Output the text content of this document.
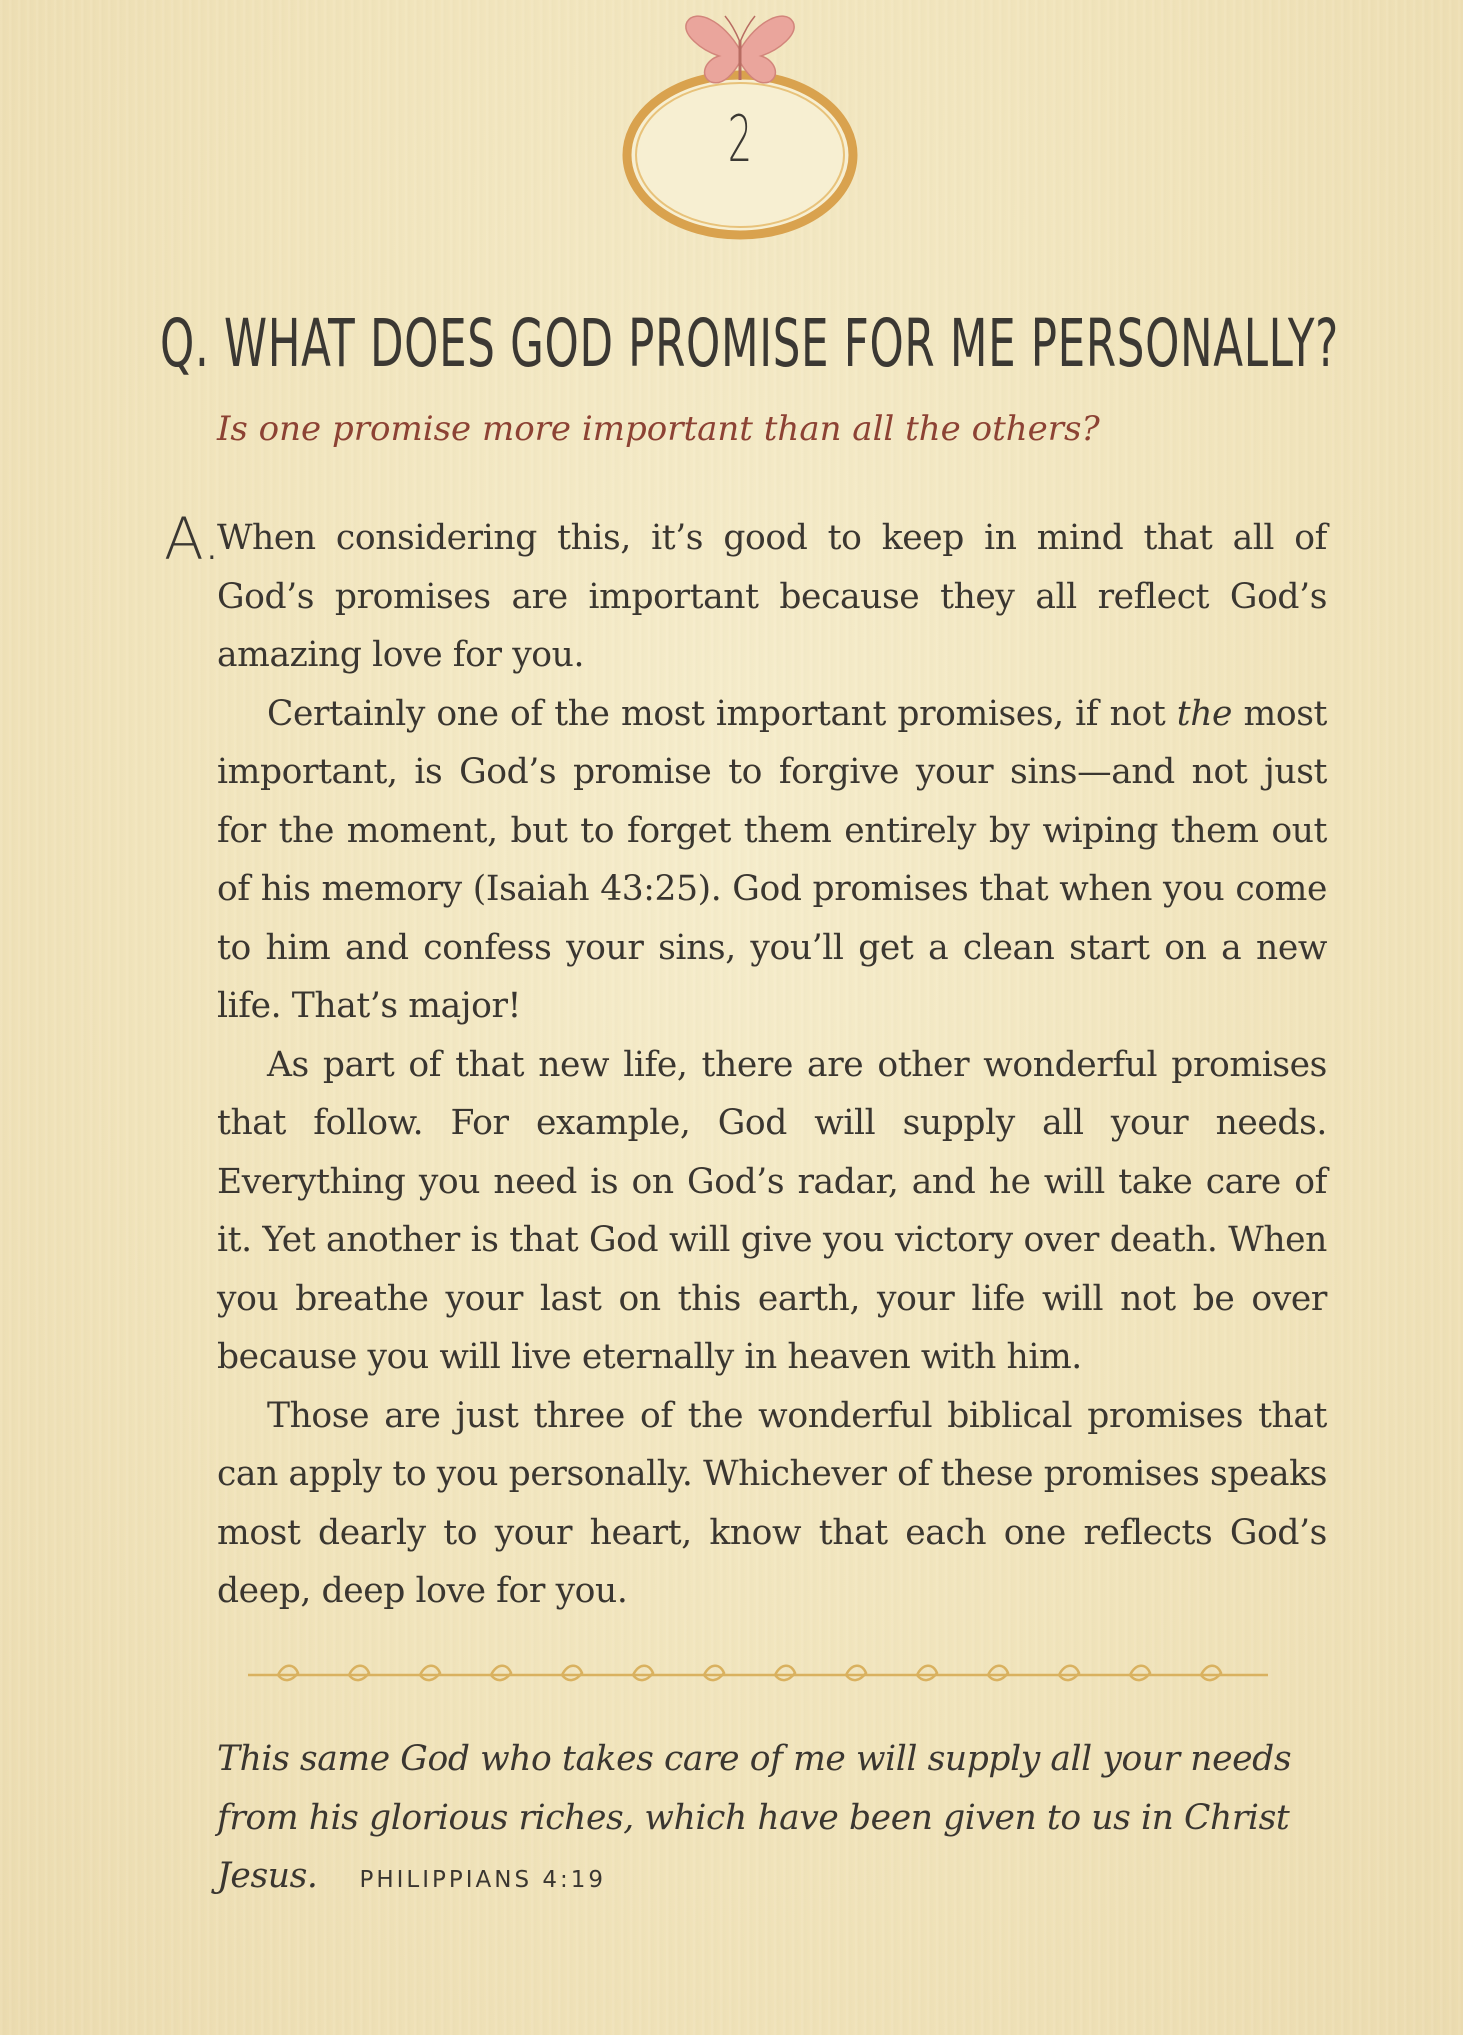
2
Q. WHAT DOES GOD PROMISE FOR ME PERSONALLY?
Is one promise more important than all the others?
A.

When considering this, it’s good to keep in mind that all of God’s promises are important because they all reflect God’s amazing love for you.

Certainly one of the most important promises, if not the most important, is God’s promise to forgive your sins—and not just for the moment, but to forget them entirely by wiping them out of his memory (Isaiah 43:25). God promises that when you come to him and confess your sins, you’ll get a clean start on a new life. That’s major!

As part of that new life, there are other wonderful promises that follow. For example, God will supply all your needs. Everything you need is on God’s radar, and he will take care of it. Yet another is that God will give you victory over death. When you breathe your last on this earth, your life will not be over because you will live eternally in heaven with him.

Those are just three of the wonderful biblical promises that can apply to you personally. Whichever of these promises speaks most dearly to your heart, know that each one reflects God’s deep, deep love for you.

This same God who takes care of me will supply all your needs from his glorious riches, which have been given to us in Christ Jesus. PHILIPPIANS 4:19
